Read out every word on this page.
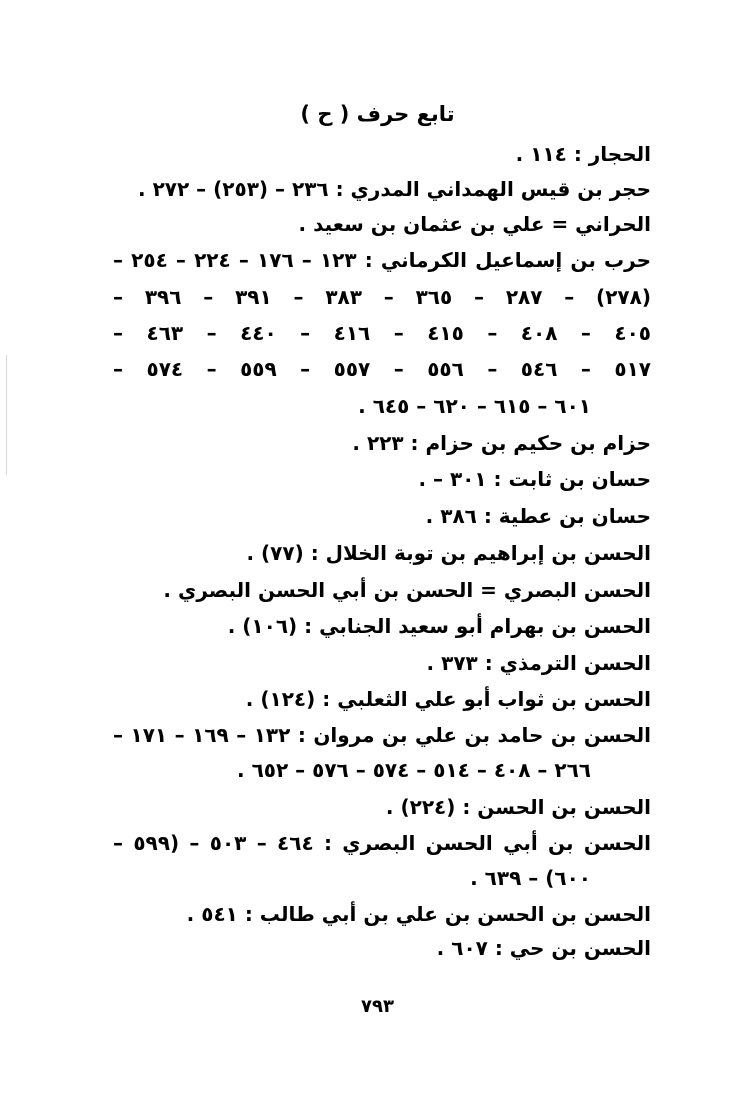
تابع حرف ( ح )
الحجار : ١١٤ .
حجر بن قيس الهمداني المدري : ٢٣٦ – (٢٥٣) – ٢٧٢ .
الحراني = علي بن عثمان بن سعيد .
حرب بن إسماعيل الكرماني : ١٢٣ – ١٧٦ – ٢٢٤ – ٢٥٤ –
(٢٧٨) – ٢٨٧ – ٣٦٥ – ٣٨٣ – ٣٩١ – ٣٩٦ –
٤٠٥ – ٤٠٨ – ٤١٥ – ٤١٦ – ٤٤٠ – ٤٦٣ –
٥١٧ – ٥٤٦ – ٥٥٦ – ٥٥٧ – ٥٥٩ – ٥٧٤ –
٦٠١ – ٦١٥ – ٦٢٠ – ٦٤٥ .
حزام بن حكيم بن حزام : ٢٢٣ .
حسان بن ثابت : ٣٠١ – .
حسان بن عطية : ٣٨٦ .
الحسن بن إبراهيم بن توبة الخلال : (٧٧) .
الحسن البصري = الحسن بن أبي الحسن البصري .
الحسن بن بهرام أبو سعيد الجنابي : (١٠٦) .
الحسن الترمذي : ٣٧٣ .
الحسن بن ثواب أبو علي الثعلبي : (١٢٤) .
الحسن بن حامد بن علي بن مروان : ١٣٢ – ١٦٩ – ١٧١ –
٢٦٦ – ٤٠٨ – ٥١٤ – ٥٧٤ – ٥٧٦ – ٦٥٢ .
الحسن بن الحسن : (٢٢٤) .
الحسن بن أبي الحسن البصري : ٤٦٤ – ٥٠٣ – (٥٩٩ –
٦٠٠) – ٦٣٩ .
الحسن بن الحسن بن علي بن أبي طالب : ٥٤١ .
الحسن بن حي : ٦٠٧ .
٧٩٣
